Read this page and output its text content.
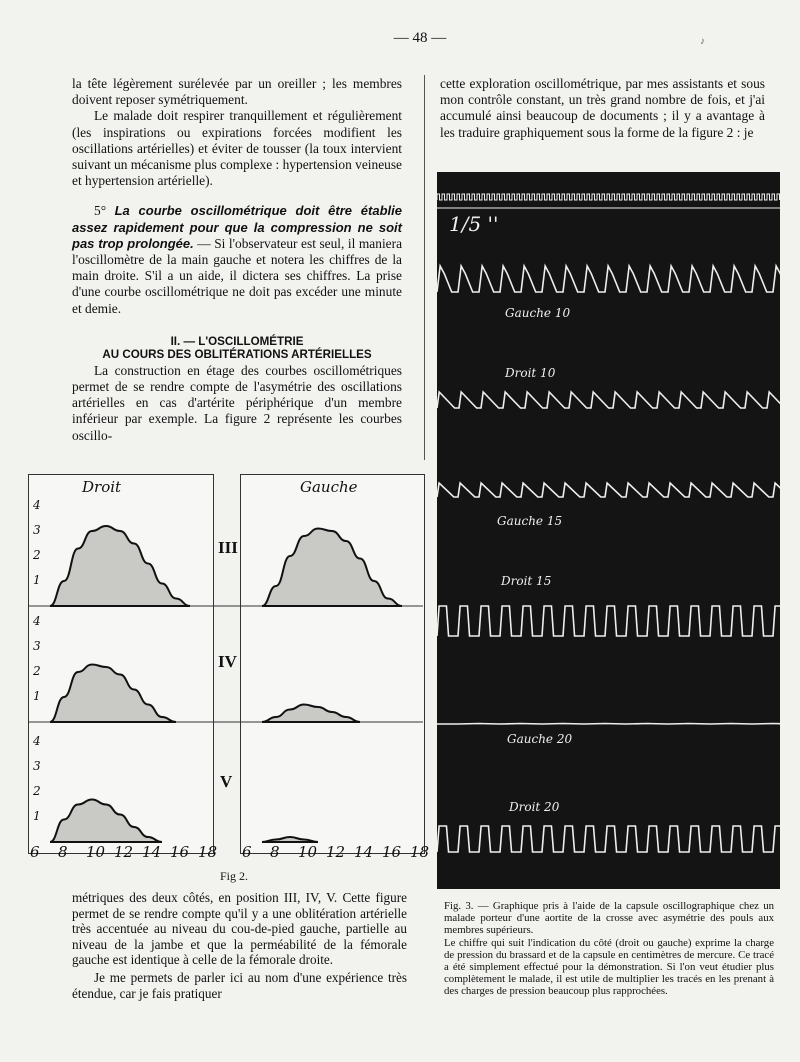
— 48 —	♪

la tête légèrement surélevée par un oreiller ; les membres doivent reposer symétriquement.

Le malade doit respirer tranquillement et régulièrement (les inspirations ou expirations forcées modifient les oscillations artérielles) et éviter de tousser (la toux intervient suivant un mécanisme plus complexe : hypertension veineuse et hypertension artérielle).

5° La courbe oscillométrique doit être établie assez rapidement pour que la compression ne soit pas trop prolongée. — Si l'observateur est seul, il maniera l'oscillomètre de la main gauche et notera les chiffres de la main droite. S'il a un aide, il dictera ses chiffres. La prise d'une courbe oscillométrique ne doit pas excéder une minute et demie.

II. — L'OSCILLOMÉTRIE
AU COURS DES OBLITÉRATIONS ARTÉRIELLES

La construction en étage des courbes oscillométriques permet de se rendre compte de l'asymétrie des oscillations artérielles en cas d'artérite périphérique d'un membre inférieur par exemple. La figure 2 représente les courbes oscillo-

cette exploration oscillométrique, par mes assistants et sous mon contrôle constant, un très grand nombre de fois, et j'ai accumulé ainsi beaucoup de documents ; il y a avantage à les traduire graphiquement sous la forme de la figure 2 : je

Droit	Gauche
III
IV
V
4
3
2
1
4
3
2
1
4
3
2
1
6 8 10 12 14 16 18 6 8 10 12 14 16 18
Fig 2.
1/5 ''
Gauche 10
Droit 10
Gauche 15
Droit 15
Gauche 20
Droit 20

Fig. 3. — Graphique pris à l'aide de la capsule oscillographique chez un malade porteur d'une aortite de la crosse avec asymétrie des pouls aux membres supérieurs.

Le chiffre qui suit l'indication du côté (droit ou gauche) exprime la charge de pression du brassard et de la capsule en centimètres de mercure. Ce tracé a été simplement effectué pour la démonstration. Si l'on veut étudier plus complètement le malade, il est utile de multiplier les tracés en les prenant à des charges de pression beaucoup plus rapprochées.

métriques des deux côtés, en position III, IV, V. Cette figure permet de se rendre compte qu'il y a une oblitération artérielle très accentuée au niveau du cou-de-pied gauche, partielle au niveau de la jambe et que la perméabilité de la fémorale gauche est identique à celle de la fémorale droite.

Je me permets de parler ici au nom d'une expérience très étendue, car je fais pratiquer
